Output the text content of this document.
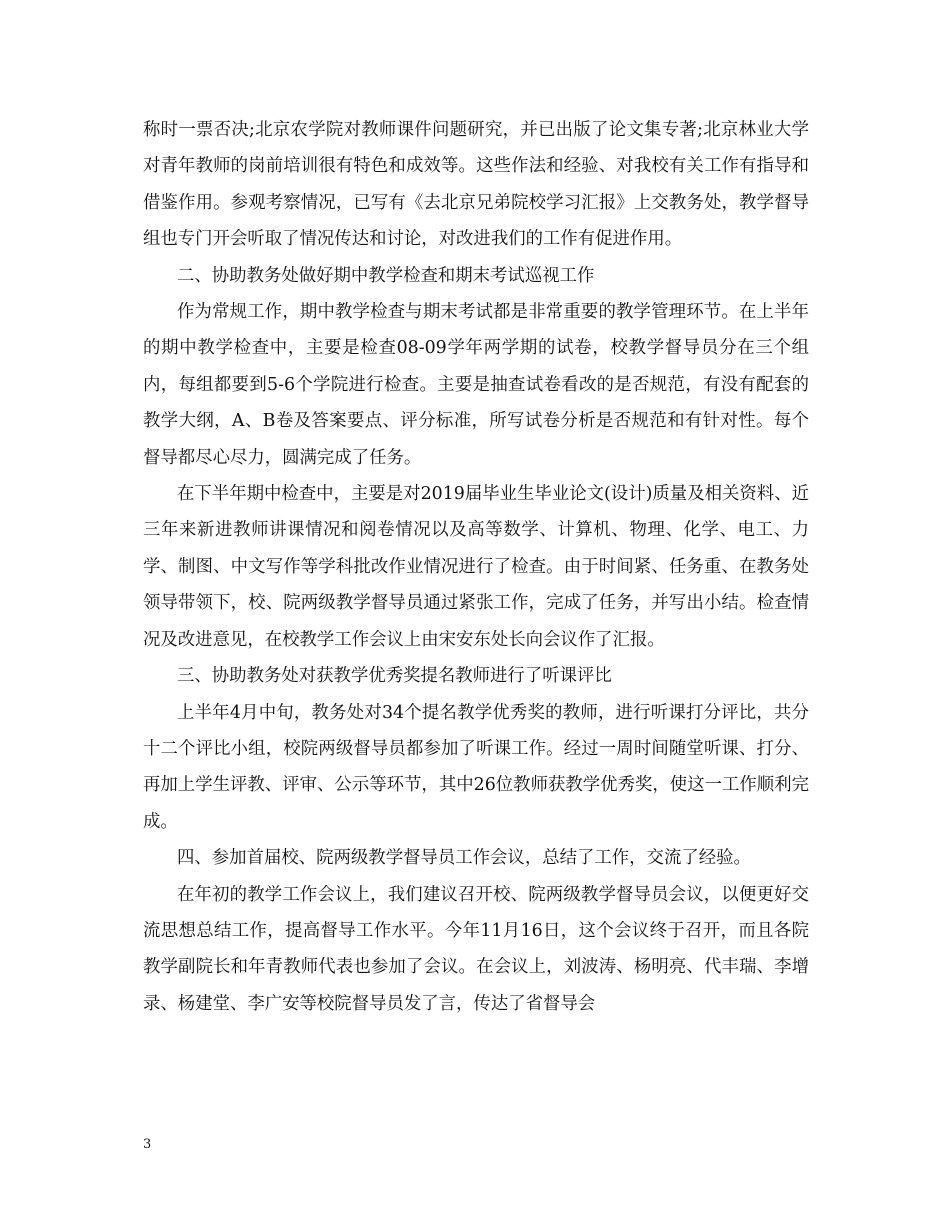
称时一票否决;北京农学院对教师课件问题研究，并已出版了论文集专著;北京林业大学对青年教师的岗前培训很有特色和成效等。这些作法和经验、对我校有关工作有指导和借鉴作用。参观考察情况，已写有《去北京兄弟院校学习汇报》上交教务处，教学督导组也专门开会听取了情况传达和讨论，对改进我们的工作有促进作用。

二、协助教务处做好期中教学检查和期末考试巡视工作

作为常规工作，期中教学检查与期末考试都是非常重要的教学管理环节。在上半年的期中教学检查中，主要是检查08-09学年两学期的试卷，校教学督导员分在三个组内，每组都要到5-6个学院进行检查。主要是抽查试卷看改的是否规范，有没有配套的教学大纲，A、B卷及答案要点、评分标准，所写试卷分析是否规范和有针对性。每个督导都尽心尽力，圆满完成了任务。

在下半年期中检查中，主要是对2019届毕业生毕业论文(设计)质量及相关资料、近三年来新进教师讲课情况和阅卷情况以及高等数学、计算机、物理、化学、电工、力学、制图、中文写作等学科批改作业情况进行了检查。由于时间紧、任务重、在教务处领导带领下，校、院两级教学督导员通过紧张工作，完成了任务，并写出小结。检查情况及改进意见，在校教学工作会议上由宋安东处长向会议作了汇报。

三、协助教务处对获教学优秀奖提名教师进行了听课评比

上半年4月中旬，教务处对34个提名教学优秀奖的教师，进行听课打分评比，共分十二个评比小组，校院两级督导员都参加了听课工作。经过一周时间随堂听课、打分、再加上学生评教、评审、公示等环节，其中26位教师获教学优秀奖，使这一工作顺利完成。

四、参加首届校、院两级教学督导员工作会议，总结了工作，交流了经验。

在年初的教学工作会议上，我们建议召开校、院两级教学督导员会议，以便更好交流思想总结工作，提高督导工作水平。今年11月16日，这个会议终于召开，而且各院教学副院长和年青教师代表也参加了会议。在会议上，刘波涛、杨明亮、代丰瑞、李增录、杨建堂、李广安等校院督导员发了言，传达了省督导会

3
